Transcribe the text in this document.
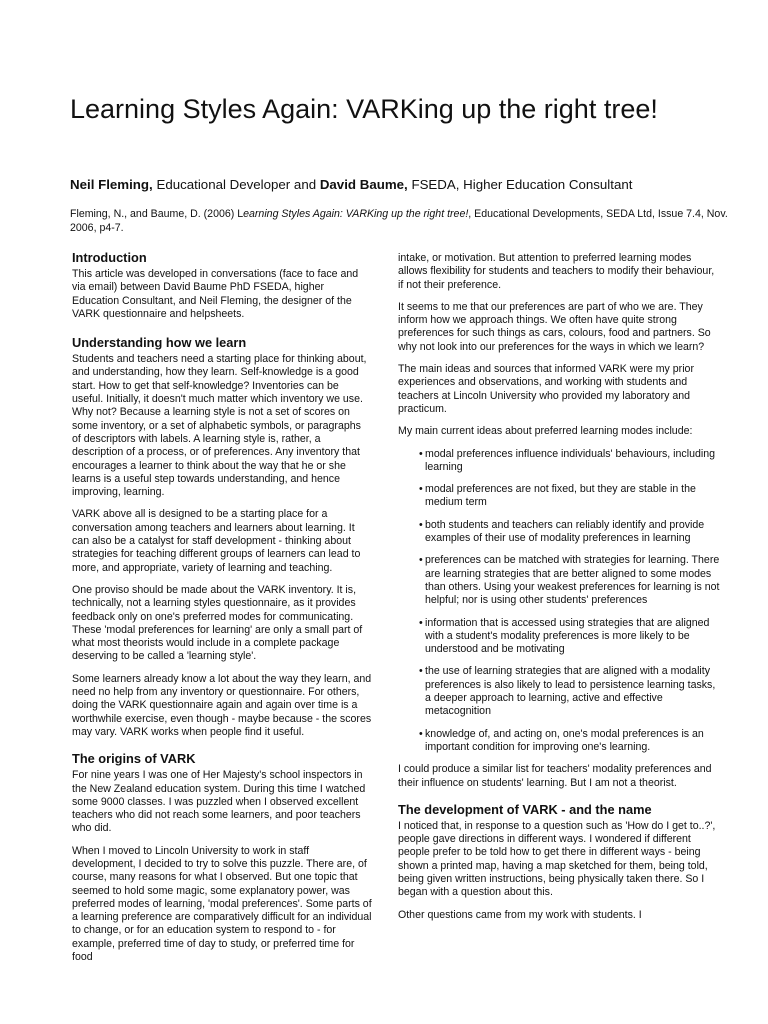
Learning Styles Again: VARKing up the right tree!

Neil Fleming, Educational Developer and David Baume, FSEDA, Higher Education Consultant

Fleming, N., and Baume, D. (2006) Learning Styles Again: VARKing up the right tree!, Educational Developments, SEDA Ltd, Issue 7.4, Nov. 2006, p4-7.

Introduction

This article was developed in conversations (face to face and via email) between David Baume PhD FSEDA, higher Education Consultant, and Neil Fleming, the designer of the VARK questionnaire and helpsheets.

Understanding how we learn

Students and teachers need a starting place for thinking about, and understanding, how they learn. Self-knowledge is a good start. How to get that self-knowledge? Inventories can be useful. Initially, it doesn't much matter which inventory we use. Why not? Because a learning style is not a set of scores on some inventory, or a set of alphabetic symbols, or paragraphs of descriptors with labels. A learning style is, rather, a description of a process, or of preferences. Any inventory that encourages a learner to think about the way that he or she learns is a useful step towards understanding, and hence improving, learning.

VARK above all is designed to be a starting place for a conversation among teachers and learners about learning. It can also be a catalyst for staff development - thinking about strategies for teaching different groups of learners can lead to more, and appropriate, variety of learning and teaching.

One proviso should be made about the VARK inventory. It is, technically, not a learning styles questionnaire, as it provides feedback only on one's preferred modes for communicating. These 'modal preferences for learning' are only a small part of what most theorists would include in a complete package deserving to be called a 'learning style'.

Some learners already know a lot about the way they learn, and need no help from any inventory or questionnaire. For others, doing the VARK questionnaire again and again over time is a worthwhile exercise, even though - maybe because - the scores may vary. VARK works when people find it useful.

The origins of VARK

For nine years I was one of Her Majesty's school inspectors in the New Zealand education system. During this time I watched some 9000 classes. I was puzzled when I observed excellent teachers who did not reach some learners, and poor teachers who did.

When I moved to Lincoln University to work in staff development, I decided to try to solve this puzzle. There are, of course, many reasons for what I observed. But one topic that seemed to hold some magic, some explanatory power, was preferred modes of learning, 'modal preferences'. Some parts of a learning preference are comparatively difficult for an individual to change, or for an education system to respond to - for example, preferred time of day to study, or preferred time for food

intake, or motivation. But attention to preferred learning modes allows flexibility for students and teachers to modify their behaviour, if not their preference.

It seems to me that our preferences are part of who we are. They inform how we approach things. We often have quite strong preferences for such things as cars, colours, food and partners. So why not look into our preferences for the ways in which we learn?

The main ideas and sources that informed VARK were my prior experiences and observations, and working with students and teachers at Lincoln University who provided my laboratory and practicum.

My main current ideas about preferred learning modes include:

• modal preferences influence individuals' behaviours, including learning
• modal preferences are not fixed, but they are stable in the medium term
• both students and teachers can reliably identify and provide examples of their use of modality preferences in learning
• preferences can be matched with strategies for learning. There are learning strategies that are better aligned to some modes than others. Using your weakest preferences for learning is not helpful; nor is using other students' preferences
• information that is accessed using strategies that are aligned with a student's modality preferences is more likely to be understood and be motivating
• the use of learning strategies that are aligned with a modality preferences is also likely to lead to persistence learning tasks, a deeper approach to learning, active and effective metacognition
• knowledge of, and acting on, one's modal preferences is an important condition for improving one's learning.

I could produce a similar list for teachers' modality preferences and their influence on students' learning. But I am not a theorist.

The development of VARK - and the name

I noticed that, in response to a question such as 'How do I get to..?', people gave directions in different ways. I wondered if different people prefer to be told how to get there in different ways - being shown a printed map, having a map sketched for them, being told, being given written instructions, being physically taken there. So I began with a question about this.

Other questions came from my work with students. I
